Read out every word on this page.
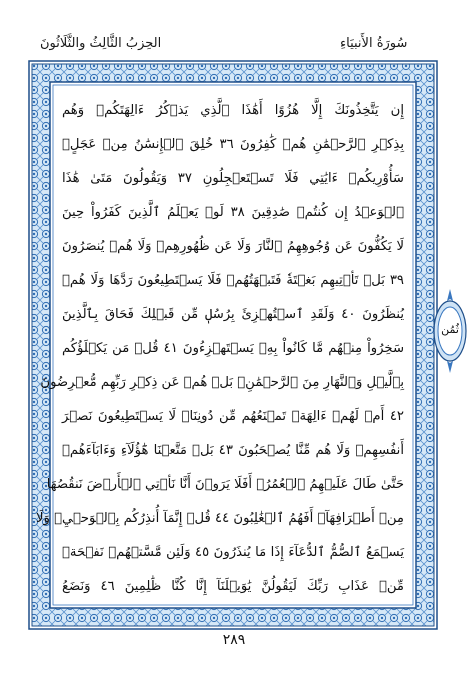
سُورَةُ الأَنبيَاءِ
الحِزبُ الثَّالِثُ والثَّلَاثُونَ
إِن يَتَّخِذُونَكَ إِلَّا هُزُوًا أَهَٰذَا ٱلَّذِي يَذۡكُرُ ءَالِهَتَكُمۡ وَهُم
بِذِكۡرِ ٱلرَّحۡمَٰنِ هُمۡ كَٰفِرُونَ ٣٦ خُلِقَ ٱلۡإِنسَٰنُ مِنۡ عَجَلٍۚ
سَأُوْرِيكُمۡ ءَايَٰتِي فَلَا تَسۡتَعۡجِلُونِ ٣٧ وَيَقُولُونَ مَتَىٰ هَٰذَا
ٱلۡوَعۡدُ إِن كُنتُمۡ صَٰدِقِينَ ٣٨ لَوۡ يَعۡلَمُ ٱلَّذِينَ كَفَرُواْ حِينَ
لَا يَكُفُّونَ عَن وُجُوهِهِمُ ٱلنَّارَ وَلَا عَن ظُهُورِهِمۡ وَلَا هُمۡ يُنصَرُونَ
٣٩ بَلۡ تَأۡتِيهِم بَغۡتَةٗ فَتَبۡهَتُهُمۡ فَلَا يَسۡتَطِيعُونَ رَدَّهَا وَلَا هُمۡ
يُنظَرُونَ ٤٠ وَلَقَدِ ٱسۡتُهۡزِئَ بِرُسُلٖ مِّن قَبۡلِكَ فَحَاقَ بِٱلَّذِينَ
سَخِرُواْ مِنۡهُم مَّا كَانُواْ بِهِۦ يَسۡتَهۡزِءُونَ ٤١ قُلۡ مَن يَكۡلَؤُكُم
بِٱلَّيۡلِ وَٱلنَّهَارِ مِنَ ٱلرَّحۡمَٰنِۚ بَلۡ هُمۡ عَن ذِكۡرِ رَبِّهِم مُّعۡرِضُونَ
٤٢ أَمۡ لَهُمۡ ءَالِهَةٞ تَمۡنَعُهُم مِّن دُونِنَاۚ لَا يَسۡتَطِيعُونَ نَصۡرَ
أَنفُسِهِمۡ وَلَا هُم مِّنَّا يُصۡحَبُونَ ٤٣ بَلۡ مَتَّعۡنَا هَٰٓؤُلَآءِ وَءَابَآءَهُمۡ
حَتَّىٰ طَالَ عَلَيۡهِمُ ٱلۡعُمُرُۗ أَفَلَا يَرَوۡنَ أَنَّا نَأۡتِي ٱلۡأَرۡضَ نَنقُصُهَا
مِنۡ أَطۡرَافِهَآۚ أَفَهُمُ ٱلۡغَٰلِبُونَ ٤٤ قُلۡ إِنَّمَآ أُنذِرُكُم بِٱلۡوَحۡيِۚ وَلَا
يَسۡمَعُ ٱلصُّمُّ ٱلدُّعَآءَ إِذَا مَا يُنذَرُونَ ٤٥ وَلَئِن مَّسَّتۡهُمۡ نَفۡحَةٞ
مِّنۡ عَذَابِ رَبِّكَ لَيَقُولُنَّ يَٰوَيۡلَنَآ إِنَّا كُنَّا ظَٰلِمِينَ ٤٦ وَنَضَعُ
ثُمُن
٢٨٩
